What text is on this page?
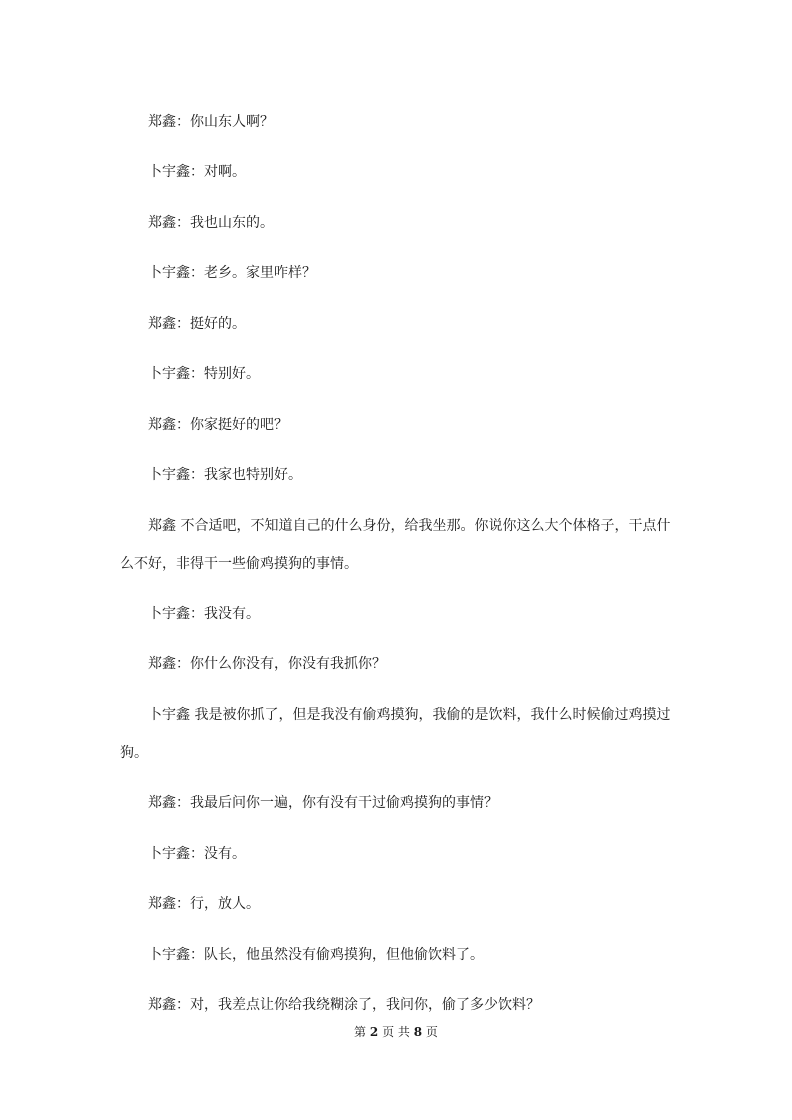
郑鑫：你山东人啊？
卜宇鑫：对啊。
郑鑫：我也山东的。
卜宇鑫：老乡。家里咋样？
郑鑫：挺好的。
卜宇鑫：特别好。
郑鑫：你家挺好的吧？
卜宇鑫：我家也特别好。
郑鑫 不合适吧，不知道自己的什么身份，给我坐那。你说你这么大个体格子，干点什
么不好，非得干一些偷鸡摸狗的事情。
卜宇鑫：我没有。
郑鑫：你什么你没有，你没有我抓你？
卜宇鑫 我是被你抓了，但是我没有偷鸡摸狗，我偷的是饮料，我什么时候偷过鸡摸过
狗。
郑鑫：我最后问你一遍，你有没有干过偷鸡摸狗的事情？
卜宇鑫：没有。
郑鑫：行，放人。
卜宇鑫：队长，他虽然没有偷鸡摸狗，但他偷饮料了。
郑鑫：对，我差点让你给我绕糊涂了，我问你，偷了多少饮料？
第 2 页 共 8 页
